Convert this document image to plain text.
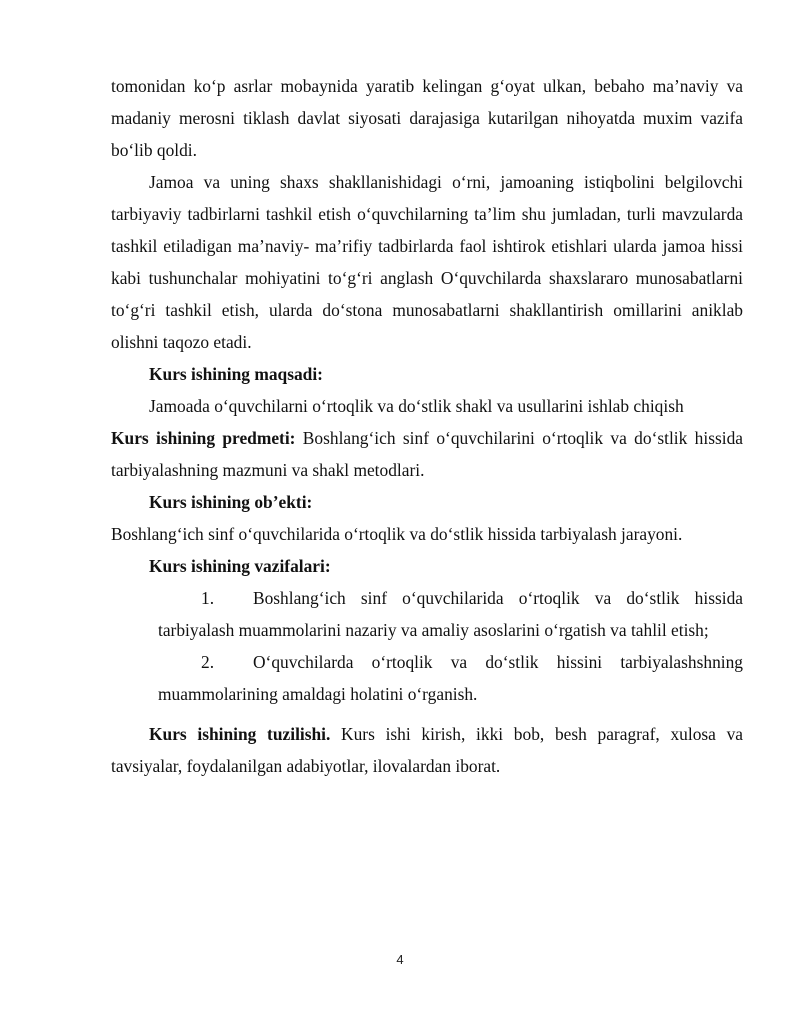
tomonidan ko‘p asrlar mobaynida yaratib kelingan g‘oyat ulkan, bebaho ma’naviy va madaniy merosni tiklash davlat siyosati darajasiga kutarilgan nihoyatda muxim vazifa bo‘lib qoldi.

Jamoa va uning shaxs shakllanishidagi o‘rni, jamoaning istiqbolini belgilovchi tarbiyaviy tadbirlarni tashkil etish o‘quvchilarning ta’lim shu jumladan, turli mavzularda tashkil etiladigan ma’naviy- ma’rifiy tadbirlarda faol ishtirok etishlari ularda jamoa hissi kabi tushunchalar mohiyatini to‘g‘ri anglash O‘quvchilarda shaxslararo munosabatlarni to‘g‘ri tashkil etish, ularda do‘stona munosabatlarni shakllantirish omillarini aniklab olishni taqozo etadi.

Kurs ishining maqsadi:

Jamoada o‘quvchilarni o‘rtoqlik va do‘stlik shakl va usullarini ishlab chiqish

Kurs ishining predmeti: Boshlang‘ich sinf o‘quvchilarini o‘rtoqlik va do‘stlik hissida tarbiyalashning mazmuni va shakl metodlari.

Kurs ishining ob’ekti:

Boshlang‘ich sinf o‘quvchilarida o‘rtoqlik va do‘stlik hissida tarbiyalash jarayoni.

Kurs ishining vazifalari:

1. Boshlang‘ich sinf o‘quvchilarida o‘rtoqlik va do‘stlik hissida tarbiyalash muammolarini nazariy va amaliy asoslarini o‘rgatish va tahlil etish;

2. O‘quvchilarda o‘rtoqlik va do‘stlik hissini tarbiyalashshning muammolarining amaldagi holatini o‘rganish.

Kurs ishining tuzilishi. Kurs ishi kirish, ikki bob, besh paragraf, xulosa va tavsiyalar, foydalanilgan adabiyotlar, ilovalardan iborat.

4
